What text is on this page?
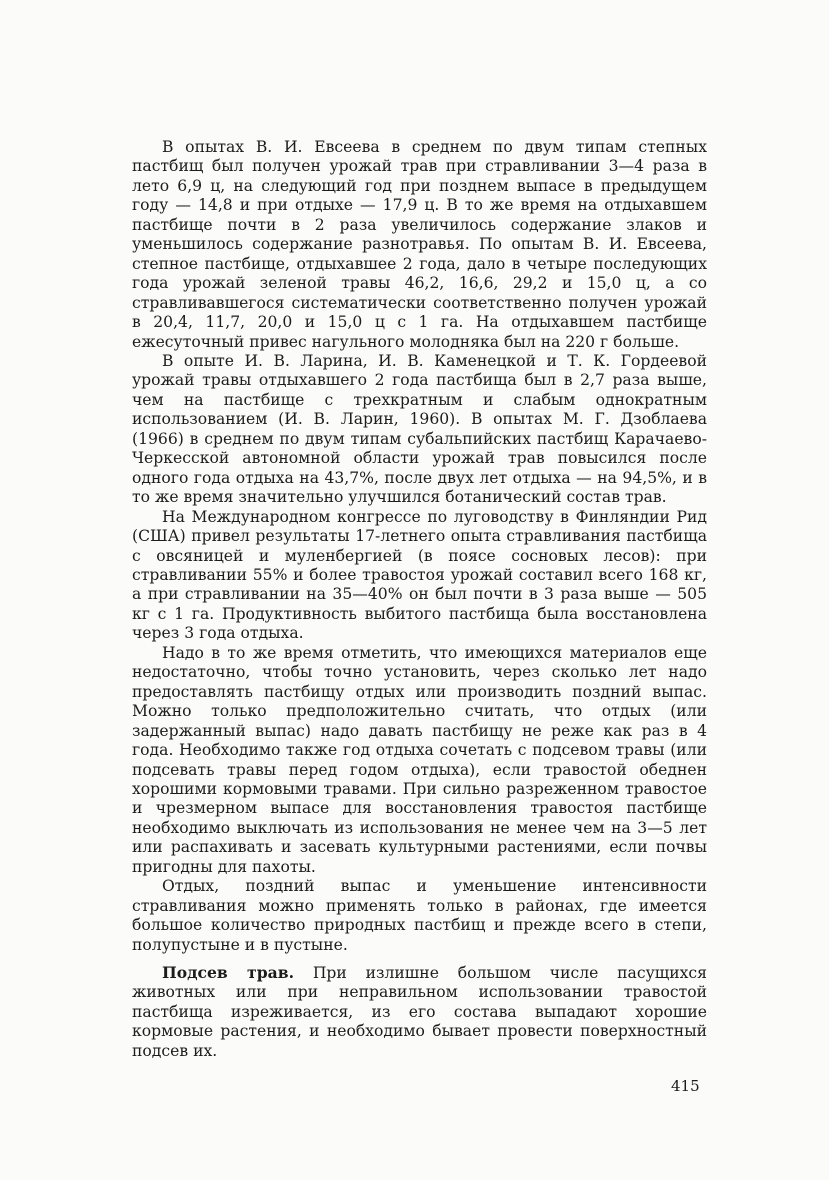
В опытах В. И. Евсеева в среднем по двум типам степных пастбищ был получен урожай трав при стравливании 3—4 раза в лето 6,9 ц, на следующий год при позднем выпасе в предыдущем году — 14,8 и при отдыхе — 17,9 ц. В то же время на отдыхавшем пастбище почти в 2 раза увеличилось содержание злаков и уменьшилось содержание разнотравья. По опытам В. И. Евсеева, степное пастбище, отдыхавшее 2 года, дало в четыре последующих года урожай зеленой травы 46,2, 16,6, 29,2 и 15,0 ц, а со стравливавшегося систематически соответственно получен урожай в 20,4, 11,7, 20,0 и 15,0 ц с 1 га. На отдыхавшем пастбище ежесуточный привес нагульного молодняка был на 220 г больше.

В опыте И. В. Ларина, И. В. Каменецкой и Т. К. Гордеевой урожай травы отдыхавшего 2 года пастбища был в 2,7 раза выше, чем на пастбище с трехкратным и слабым однократным использованием (И. В. Ларин, 1960). В опытах М. Г. Дзоблаева (1966) в среднем по двум типам субальпийских пастбищ Карачаево-Черкесской автономной области урожай трав повысился после одного года отдыха на 43,7%, после двух лет отдыха — на 94,5%, и в то же время значительно улучшился ботанический состав трав.

На Международном конгрессе по луговодству в Финляндии Рид (США) привел результаты 17-летнего опыта стравливания пастбища с овсяницей и муленбергией (в поясе сосновых лесов): при стравливании 55% и более травостоя урожай составил всего 168 кг, а при стравливании на 35—40% он был почти в 3 раза выше — 505 кг с 1 га. Продуктивность выбитого пастбища была восстановлена через 3 года отдыха.

Надо в то же время отметить, что имеющихся материалов еще недостаточно, чтобы точно установить, через сколько лет надо предоставлять пастбищу отдых или производить поздний выпас. Можно только предположительно считать, что отдых (или задержанный выпас) надо давать пастбищу не реже как раз в 4 года. Необходимо также год отдыха сочетать с подсевом травы (или подсевать травы перед годом отдыха), если травостой обеднен хорошими кормовыми травами. При сильно разреженном травостое и чрезмерном выпасе для восстановления травостоя пастбище необходимо выключать из использования не менее чем на 3—5 лет или распахивать и засевать культурными растениями, если почвы пригодны для пахоты.

Отдых, поздний выпас и уменьшение интенсивности стравливания можно применять только в районах, где имеется большое количество природных пастбищ и прежде всего в степи, полупустыне и в пустыне.

Подсев трав. При излишне большом числе пасущихся животных или при неправильном использовании травостой пастбища изреживается, из его состава выпадают хорошие кормовые растения, и необходимо бывает провести поверхностный подсев их.

415
